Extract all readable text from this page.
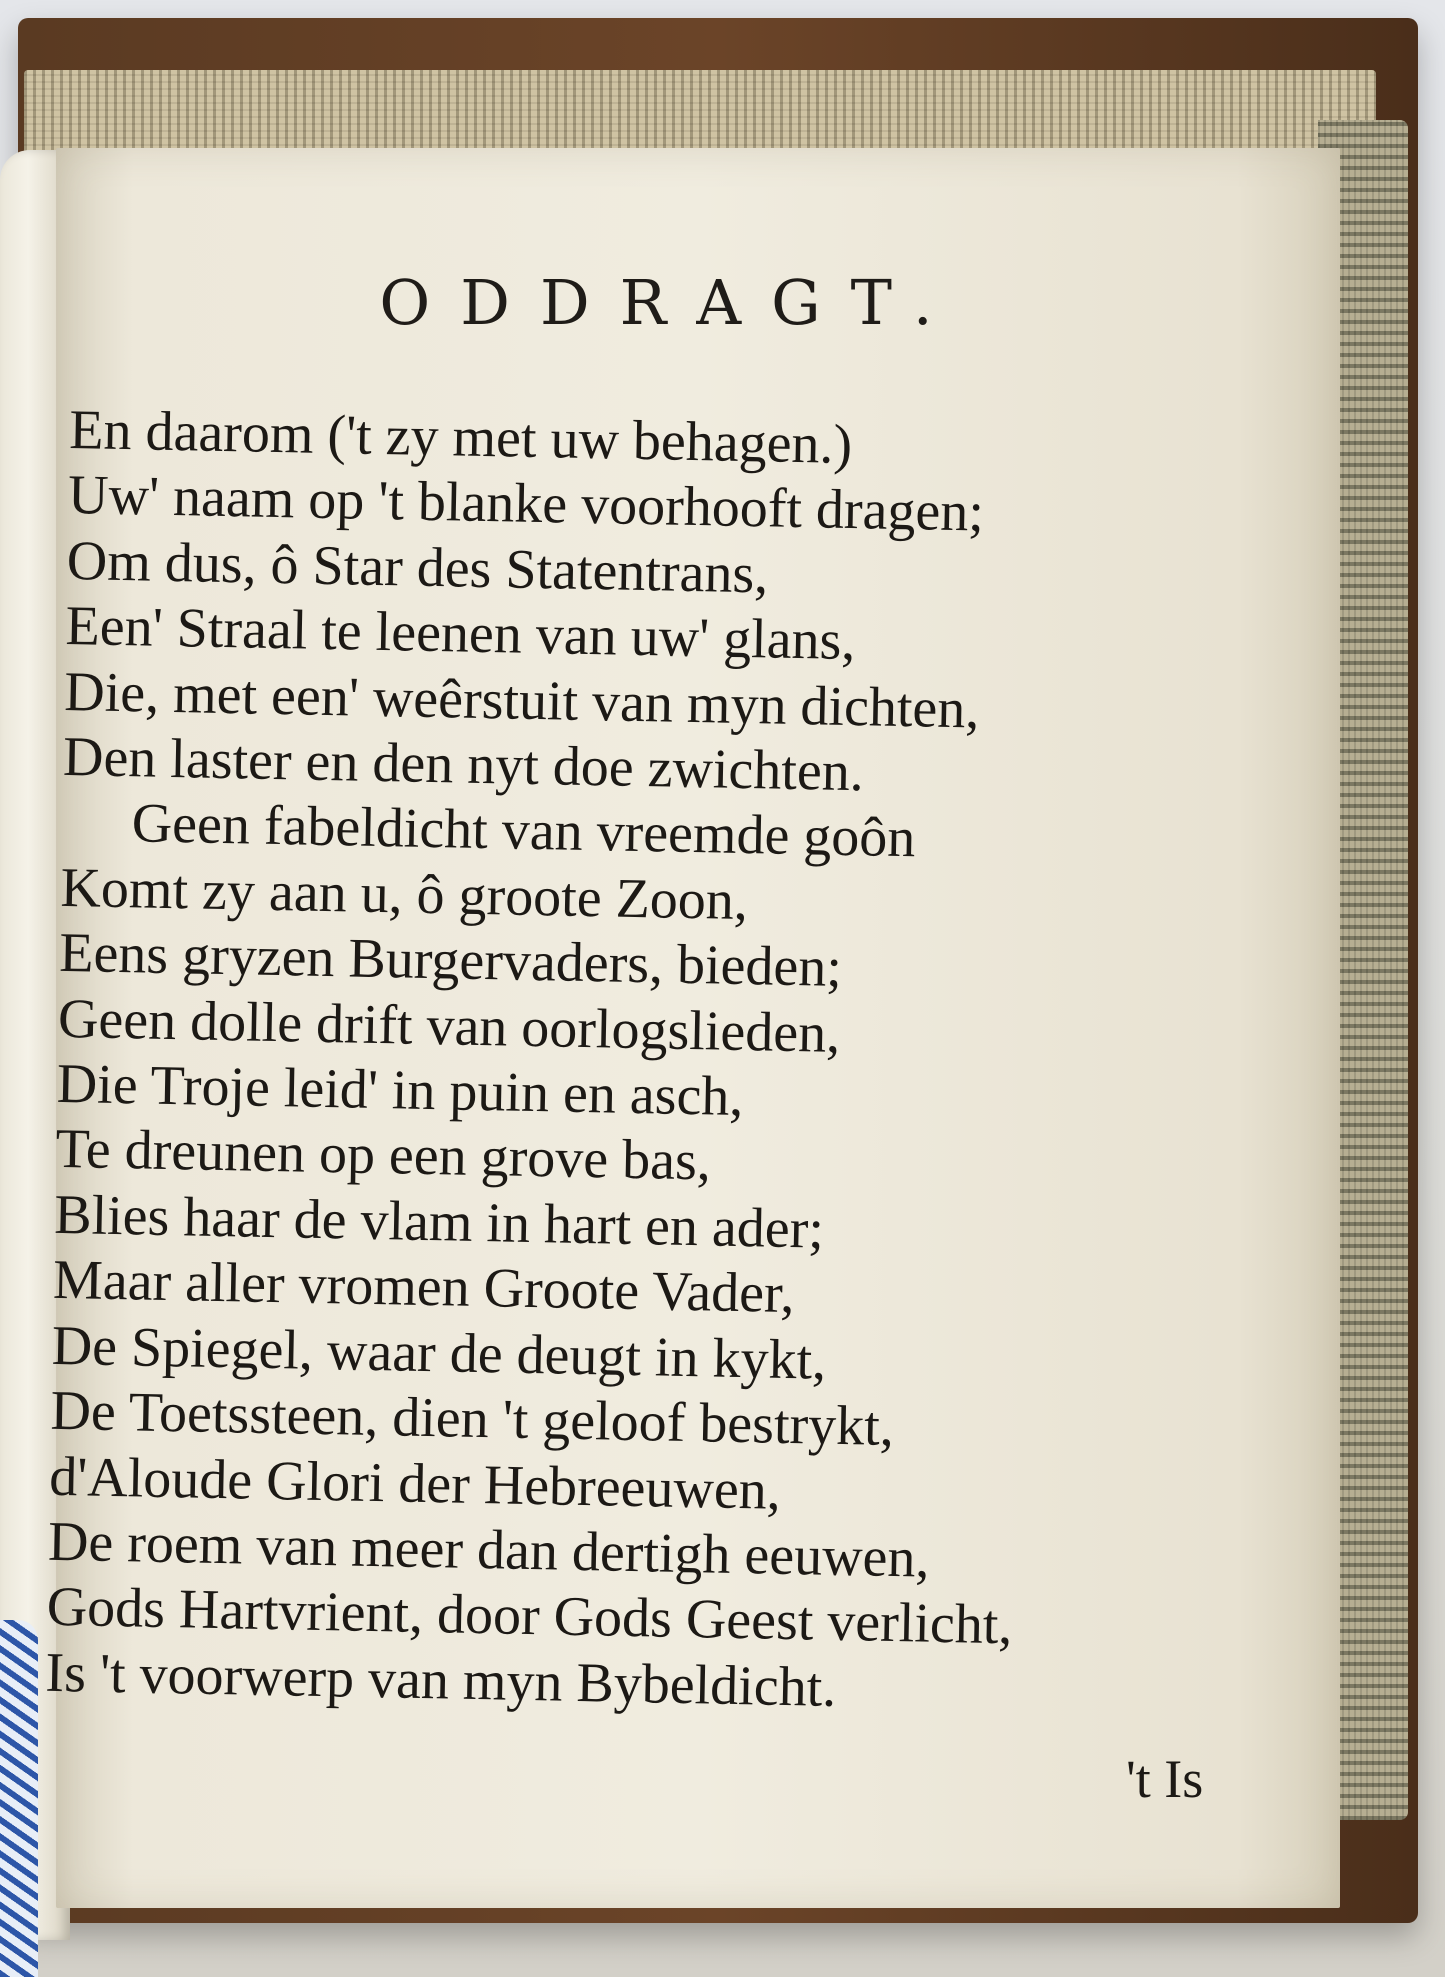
ODDRAGT.
En daarom ('t zy met uw behagen.)
Uw' naam op 't blanke voorhooft dragen;
Om dus, ô Star des Statentrans,
Een' Straal te leenen van uw' glans,
Die, met een' weêrstuit van myn dichten,
Den laster en den nyt doe zwichten.
Geen fabeldicht van vreemde goôn
Komt zy aan u, ô groote Zoon,
Eens gryzen Burgervaders, bieden;
Geen dolle drift van oorlogslieden,
Die Troje leid' in puin en asch,
Te dreunen op een grove bas,
Blies haar de vlam in hart en ader;
Maar aller vromen Groote Vader,
De Spiegel, waar de deugt in kykt,
De Toetssteen, dien 't geloof bestrykt,
d'Aloude Glori der Hebreeuwen,
De roem van meer dan dertigh eeuwen,
Gods Hartvrient, door Gods Geest verlicht,
Is 't voorwerp van myn Bybeldicht.
't Is
